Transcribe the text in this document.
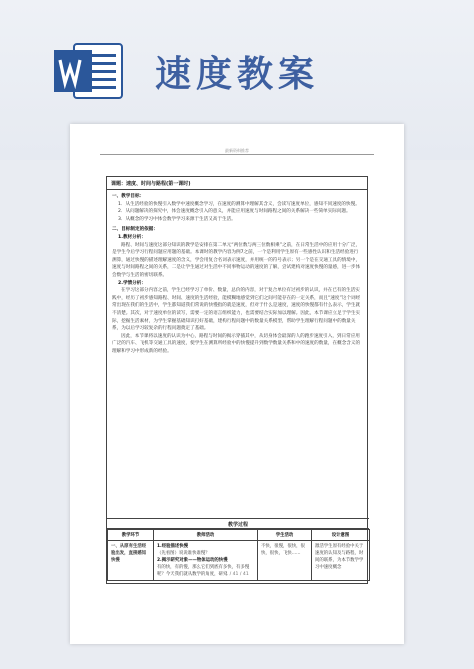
速度教案
最新资料推荐
课题：速度、时间与路程(第一课时)

一、教学目标：

1．从生活经验的快慢引入数学中速度概念学习，在速度的测算中理解其含义，会读写速度单位，感知不同速度的快慢。

2．从问题解决的探究中，体会速度概念引入的意义，并能应用速度与时间路程之间的关系解决一些简单实际问题。

3．从概念的学习中体会数学学习来源于生活又高于生活。

二、目标制定的依据：

1.教材分析：

路程、时间与速度这部分知识的教学是安排在第二单元“两位数与两三位数相乘”之前，在日常生活中的应用十分广泛，是学生今后学习行程问题应用题的基础。本课时的教学内容为例7之前，一个是利用学生原有一些感性认识和生活经验进行测算，通过快慢的描述理解速度的含义，学会用复合名词表示速度，并用统一的符号表示；另一个是在交通工具的情境中，速度与时间路程之间的关系，二是让学生通过对生活中不同事物运动的速度的了解，尝试建构对速度快慢的量感，进一步体会数学与生活的密切联系。

2.学情分析：

在学习这部分内容之前，学生已经学习了单价、数量，总价的内容，对于复合单位有过初步的认识，并在已有的生活实践中，经历了初步感知路程、时间、速度的生活经验，能模糊地感觉到它们之间可能存在的一定关系，而且“速度”这个词经常出现在我们的生活中，学生都知道我们常说的快慢指的就是速度，但对于什么是速度，速度的快慢都有什么表示，学生就不清楚。其次，对于速度单位的读写，需要一定的语言组织能力，也需要结合实际加以理解。因此，本节课应立足于学生实际，挖掘生活素材，为学生掌握基础知识打好基础，建构行程问题中的数量关系模型，帮助学生理解行程问题中的数量关系，为以后学习较复杂的行程问题奠定了基础。

因此，本节课将以速度的认识为中心，路程与时间的揭示穿插其中，从切身体会最深的人的跑步速度引入，到日常应用广泛的汽车、飞机等交通工具的速度，使学生在测算所经验中的快慢提升到数学数量关系和中的速度的数量，在概念含义的理解和学习中形成新的经验。

教学过程
教学环节	教师活动	学生活动	设计意图
一、从原有生活经验出发，直接感知快慢	1.经验描述快慢
（先看图）说说谁快谁慢？
2.揭示研究对象——物体运动的快慢
有的快，有的慢，那么它们到底有多快，有多慢呢？今天我们就从数学的角度，研究	不快，很慢，很快，很快，很快，飞快……	激活学生原有经验中关于速度的认知及与路程，时间的联系，为本节数学学习中速度概念
1 / 41 / 41
